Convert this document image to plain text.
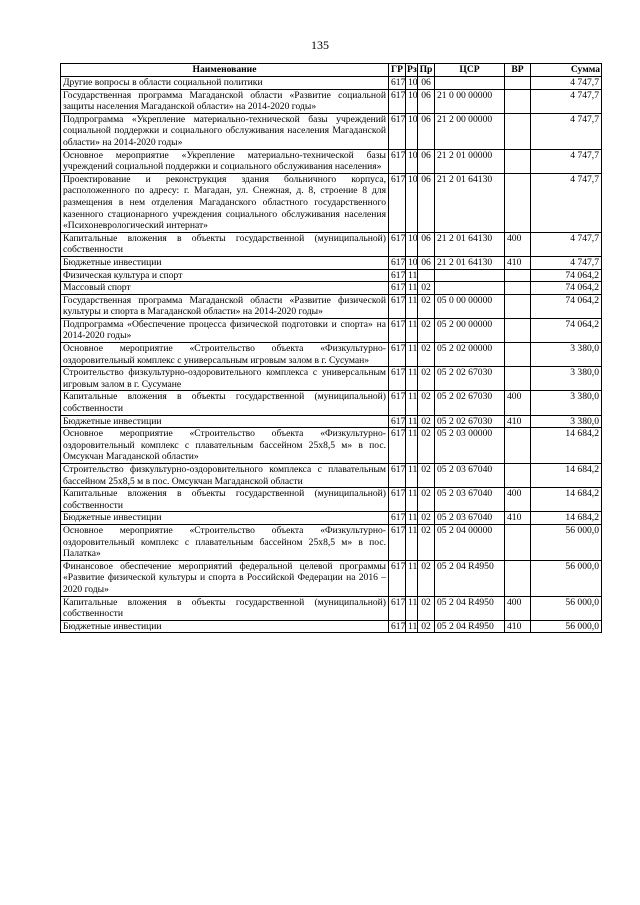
135
Наименование	ГР	Рз	Пр	ЦСР	ВР	Сумма
Другие вопросы в области социальной политики	617	10	06			4 747,7
Государственная программа Магаданской области «Развитие социальной защиты населения Магаданской области» на 2014-2020 годы»	617	10	06	21 0 00 00000		4 747,7
Подпрограмма «Укрепление материально-технической базы учреждений социальной поддержки и социального обслуживания населения Магаданской области» на 2014-2020 годы»	617	10	06	21 2 00 00000		4 747,7
Основное мероприятие «Укрепление материально-технической базы учреждений социальной поддержки и социального обслуживания населения»	617	10	06	21 2 01 00000		4 747,7
Проектирование и реконструкция здания больничного корпуса, расположенного по адресу: г. Магадан, ул. Снежная, д. 8, строение 8 для размещения в нем отделения Магаданского областного государственного казенного стационарного учреждения социального обслуживания населения «Психоневрологический интернат»	617	10	06	21 2 01 64130		4 747,7
Капитальные вложения в объекты государственной (муниципальной) собственности	617	10	06	21 2 01 64130	400	4 747,7
Бюджетные инвестиции	617	10	06	21 2 01 64130	410	4 747,7
Физическая культура и спорт	617	11				74 064,2
Массовый спорт	617	11	02			74 064,2
Государственная программа Магаданской области «Развитие физической культуры и спорта в Магаданской области» на 2014-2020 годы»	617	11	02	05 0 00 00000		74 064,2
Подпрограмма «Обеспечение процесса физической подготовки и спорта» на 2014-2020 годы»	617	11	02	05 2 00 00000		74 064,2
Основное мероприятие «Строительство объекта «Физкультурно-оздоровительный комплекс с универсальным игровым залом в г. Сусуман»	617	11	02	05 2 02 00000		3 380,0
Строительство физкультурно-оздоровительного комплекса с универсальным игровым залом в г. Сусумане	617	11	02	05 2 02 67030		3 380,0
Капитальные вложения в объекты государственной (муниципальной) собственности	617	11	02	05 2 02 67030	400	3 380,0
Бюджетные инвестиции	617	11	02	05 2 02 67030	410	3 380,0
Основное мероприятие «Строительство объекта «Физкультурно-оздоровительный комплекс с плавательным бассейном 25х8,5 м» в пос. Омсукчан Магаданской области»	617	11	02	05 2 03 00000		14 684,2
Строительство физкультурно-оздоровительного комплекса с плавательным бассейном 25х8,5 м в пос. Омсукчан Магаданской области	617	11	02	05 2 03 67040		14 684,2
Капитальные вложения в объекты государственной (муниципальной) собственности	617	11	02	05 2 03 67040	400	14 684,2
Бюджетные инвестиции	617	11	02	05 2 03 67040	410	14 684,2
Основное мероприятие «Строительство объекта «Физкультурно-оздоровительный комплекс с плавательным бассейном 25х8,5 м» в пос. Палатка»	617	11	02	05 2 04 00000		56 000,0
Финансовое обеспечение мероприятий федеральной целевой программы «Развитие физической культуры и спорта в Российской Федерации на 2016 – 2020 годы»	617	11	02	05 2 04 R4950		56 000,0
Капитальные вложения в объекты государственной (муниципальной) собственности	617	11	02	05 2 04 R4950	400	56 000,0
Бюджетные инвестиции	617	11	02	05 2 04 R4950	410	56 000,0
